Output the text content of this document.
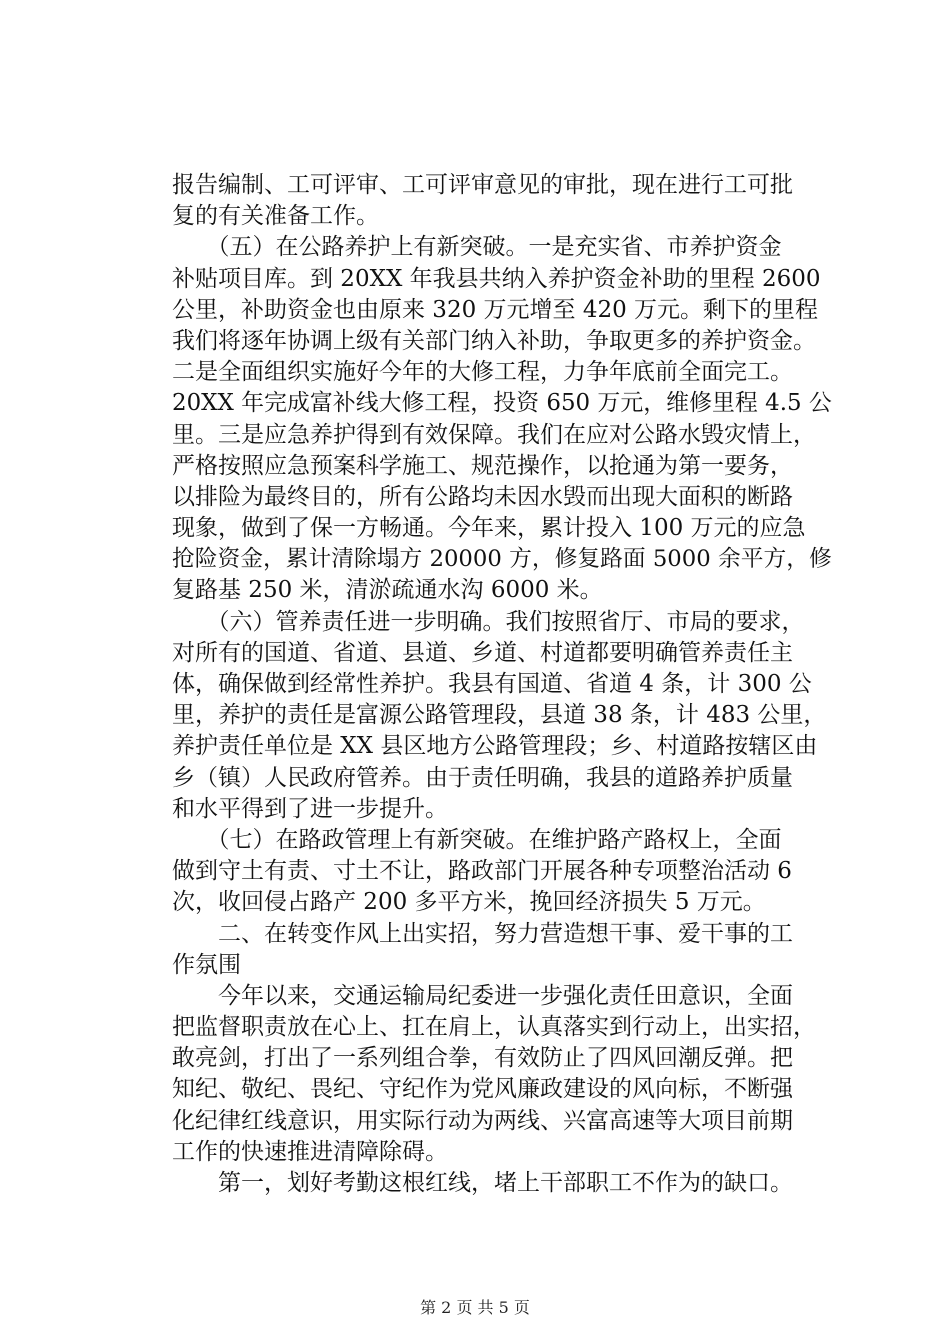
报告编制、工可评审、工可评审意见的审批，现在进行工可批
复的有关准备工作。
　　（五）在公路养护上有新突破。一是充实省、市养护资金
补贴项目库。到 20XX 年我县共纳入养护资金补助的里程 2600
公里，补助资金也由原来 320 万元增至 420 万元。剩下的里程
我们将逐年协调上级有关部门纳入补助，争取更多的养护资金。
二是全面组织实施好今年的大修工程，力争年底前全面完工。
20XX 年完成富补线大修工程，投资 650 万元，维修里程 4.5 公
里。三是应急养护得到有效保障。我们在应对公路水毁灾情上，
严格按照应急预案科学施工、规范操作，以抢通为第一要务，
以排险为最终目的，所有公路均未因水毁而出现大面积的断路
现象，做到了保一方畅通。今年来，累计投入 100 万元的应急
抢险资金，累计清除塌方 20000 方，修复路面 5000 余平方，修
复路基 250 米，清淤疏通水沟 6000 米。
　　（六）管养责任进一步明确。我们按照省厅、市局的要求，
对所有的国道、省道、县道、乡道、村道都要明确管养责任主
体，确保做到经常性养护。我县有国道、省道 4 条，计 300 公
里，养护的责任是富源公路管理段，县道 38 条，计 483 公里，
养护责任单位是 XX 县区地方公路管理段；乡、村道路按辖区由
乡（镇）人民政府管养。由于责任明确，我县的道路养护质量
和水平得到了进一步提升。
　　（七）在路政管理上有新突破。在维护路产路权上，全面
做到守土有责、寸土不让，路政部门开展各种专项整治活动 6
次，收回侵占路产 200 多平方米，挽回经济损失 5 万元。
　　二、在转变作风上出实招，努力营造想干事、爱干事的工
作氛围
　　今年以来，交通运输局纪委进一步强化责任田意识，全面
把监督职责放在心上、扛在肩上，认真落实到行动上，出实招，
敢亮剑，打出了一系列组合拳，有效防止了四风回潮反弹。把
知纪、敬纪、畏纪、守纪作为党风廉政建设的风向标，不断强
化纪律红线意识，用实际行动为两线、兴富高速等大项目前期
工作的快速推进清障除碍。
　　第一，划好考勤这根红线，堵上干部职工不作为的缺口。
第 2 页 共 5 页
